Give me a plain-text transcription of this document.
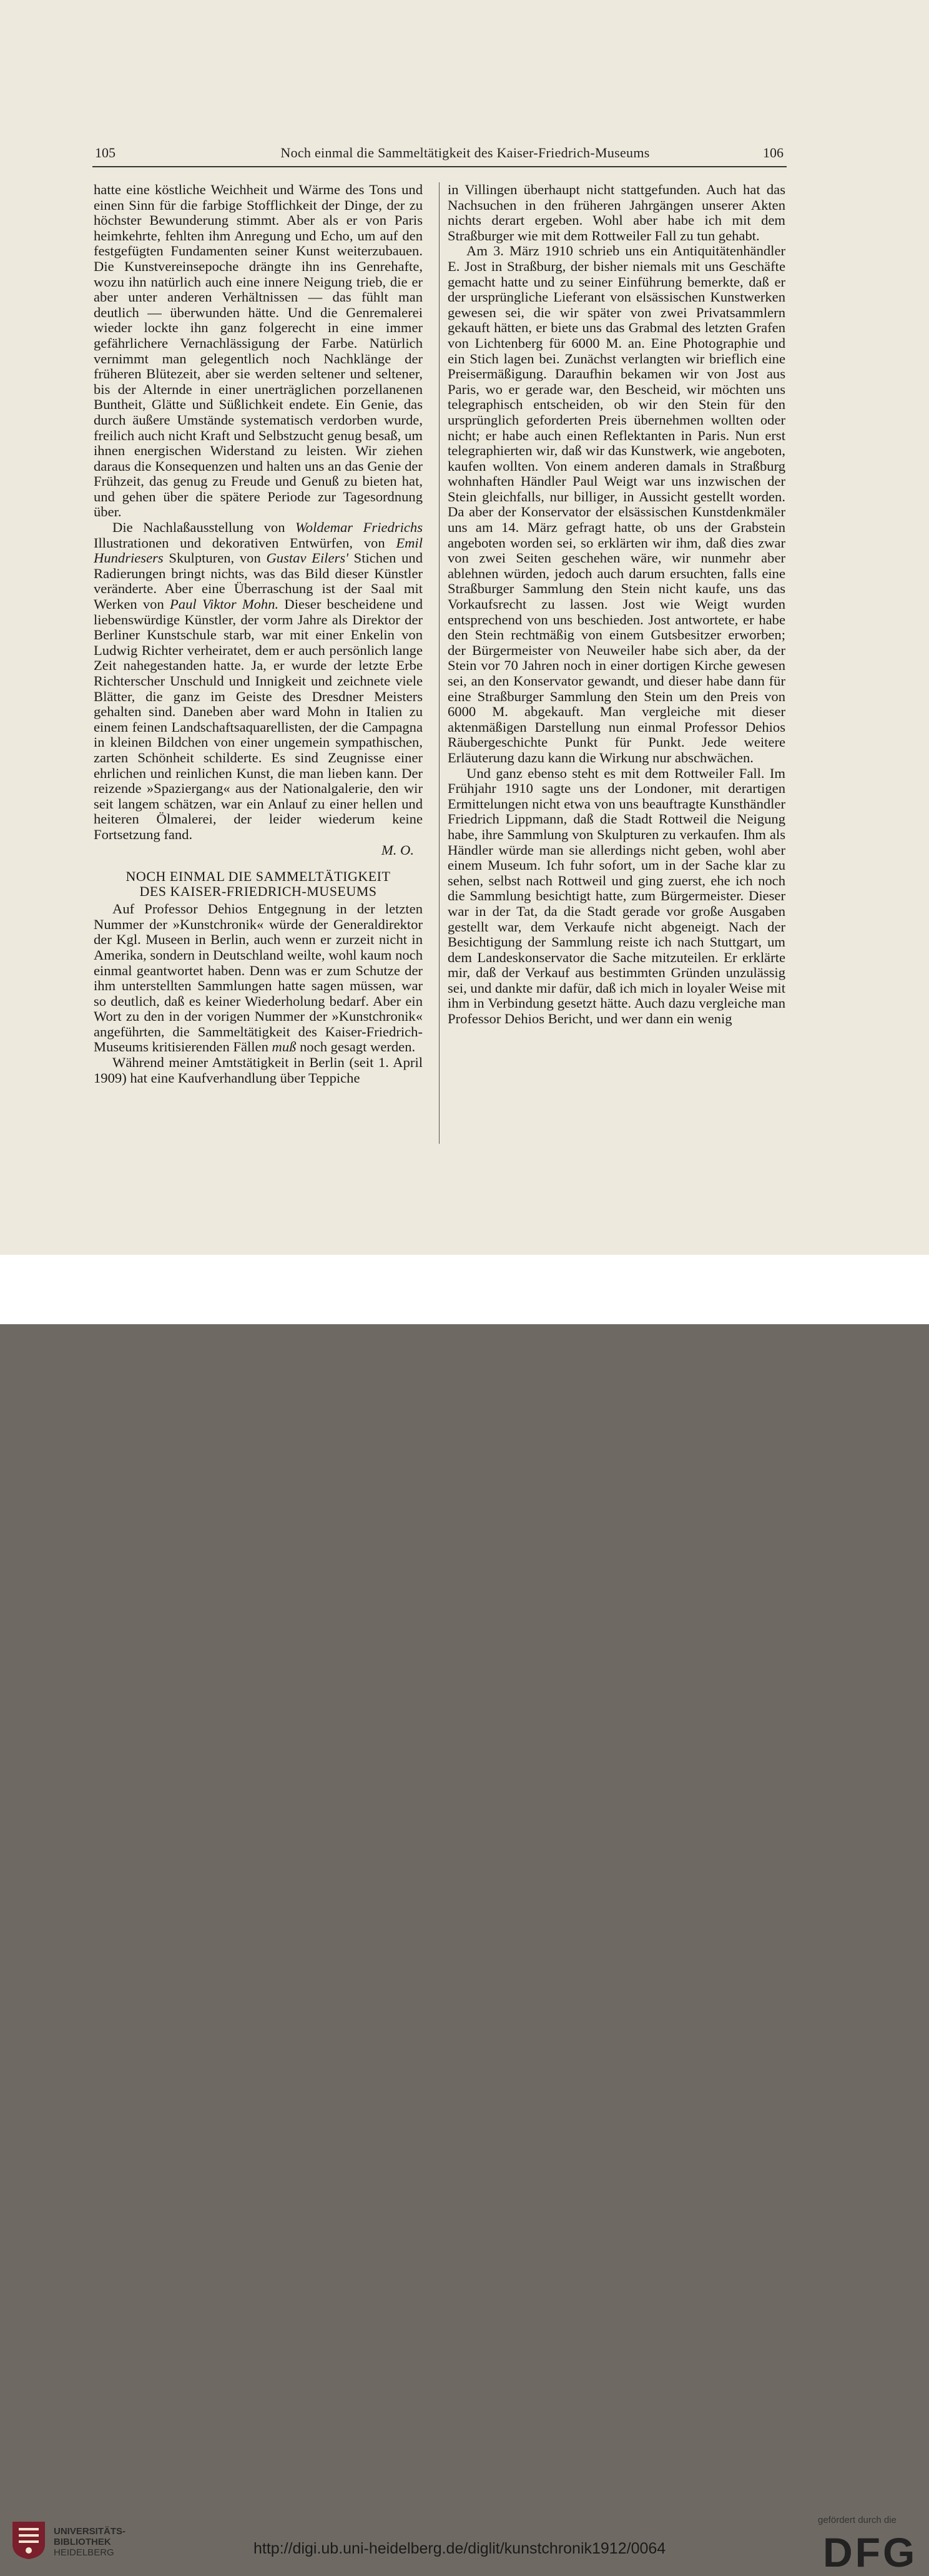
105	Noch einmal die Sammeltätigkeit des Kaiser-Friedrich-Museums	106

hatte eine köstliche Weichheit und Wärme des Tons und einen Sinn für die farbige Stofflichkeit der Dinge, der zu höchster Bewunderung stimmt. Aber als er von Paris heimkehrte, fehlten ihm Anregung und Echo, um auf den festgefügten Fundamenten seiner Kunst weiterzubauen. Die Kunstvereinsepoche drängte ihn ins Genrehafte, wozu ihn natürlich auch eine innere Neigung trieb, die er aber unter anderen Verhältnissen — das fühlt man deutlich — überwunden hätte. Und die Genremalerei wieder lockte ihn ganz folgerecht in eine immer gefährlichere Vernachlässigung der Farbe. Natürlich vernimmt man gelegentlich noch Nachklänge der früheren Blütezeit, aber sie werden seltener und seltener, bis der Alternde in einer unerträglichen porzellanenen Buntheit, Glätte und Süßlichkeit endete. Ein Genie, das durch äußere Umstände systematisch verdorben wurde, freilich auch nicht Kraft und Selbstzucht genug besaß, um ihnen energischen Widerstand zu leisten. Wir ziehen daraus die Konsequenzen und halten uns an das Genie der Frühzeit, das genug zu Freude und Genuß zu bieten hat, und gehen über die spätere Periode zur Tagesordnung über.

Die Nachlaßausstellung von Woldemar Friedrichs Illustrationen und dekorativen Entwürfen, von Emil Hundriesers Skulpturen, von Gustav Eilers' Stichen und Radierungen bringt nichts, was das Bild dieser Künstler veränderte. Aber eine Überraschung ist der Saal mit Werken von Paul Viktor Mohn. Dieser bescheidene und liebenswürdige Künstler, der vorm Jahre als Direktor der Berliner Kunstschule starb, war mit einer Enkelin von Ludwig Richter verheiratet, dem er auch persönlich lange Zeit nahegestanden hatte. Ja, er wurde der letzte Erbe Richterscher Unschuld und Innigkeit und zeichnete viele Blätter, die ganz im Geiste des Dresdner Meisters gehalten sind. Daneben aber ward Mohn in Italien zu einem feinen Landschaftsaquarellisten, der die Campagna in kleinen Bildchen von einer ungemein sympathischen, zarten Schönheit schilderte. Es sind Zeugnisse einer ehrlichen und reinlichen Kunst, die man lieben kann. Der reizende »Spaziergang« aus der Nationalgalerie, den wir seit langem schätzen, war ein Anlauf zu einer hellen und heiteren Ölmalerei, der leider wiederum keine Fortsetzung fand.

M. O.

NOCH EINMAL DIE SAMMELTÄTIGKEIT
DES KAISER-FRIEDRICH-MUSEUMS

Auf Professor Dehios Entgegnung in der letzten Nummer der »Kunstchronik« würde der Generaldirektor der Kgl. Museen in Berlin, auch wenn er zurzeit nicht in Amerika, sondern in Deutschland weilte, wohl kaum noch einmal geantwortet haben. Denn was er zum Schutze der ihm unterstellten Sammlungen hatte sagen müssen, war so deutlich, daß es keiner Wiederholung bedarf. Aber ein Wort zu den in der vorigen Nummer der »Kunstchronik« angeführten, die Sammeltätigkeit des Kaiser-Friedrich-Museums kritisierenden Fällen muß noch gesagt werden.

Während meiner Amtstätigkeit in Berlin (seit 1. April 1909) hat eine Kaufverhandlung über Teppiche

in Villingen überhaupt nicht stattgefunden. Auch hat das Nachsuchen in den früheren Jahrgängen unserer Akten nichts derart ergeben. Wohl aber habe ich mit dem Straßburger wie mit dem Rottweiler Fall zu tun gehabt.

Am 3. März 1910 schrieb uns ein Antiquitätenhändler E. Jost in Straßburg, der bisher niemals mit uns Geschäfte gemacht hatte und zu seiner Einführung bemerkte, daß er der ursprüngliche Lieferant von elsässischen Kunstwerken gewesen sei, die wir später von zwei Privatsammlern gekauft hätten, er biete uns das Grabmal des letzten Grafen von Lichtenberg für 6000 M. an. Eine Photographie und ein Stich lagen bei. Zunächst verlangten wir brieflich eine Preisermäßigung. Daraufhin bekamen wir von Jost aus Paris, wo er gerade war, den Bescheid, wir möchten uns telegraphisch entscheiden, ob wir den Stein für den ursprünglich geforderten Preis übernehmen wollten oder nicht; er habe auch einen Reflektanten in Paris. Nun erst telegraphierten wir, daß wir das Kunstwerk, wie angeboten, kaufen wollten. Von einem anderen damals in Straßburg wohnhaften Händler Paul Weigt war uns inzwischen der Stein gleichfalls, nur billiger, in Aussicht gestellt worden. Da aber der Konservator der elsässischen Kunstdenkmäler uns am 14. März gefragt hatte, ob uns der Grabstein angeboten worden sei, so erklärten wir ihm, daß dies zwar von zwei Seiten geschehen wäre, wir nunmehr aber ablehnen würden, jedoch auch darum ersuchten, falls eine Straßburger Sammlung den Stein nicht kaufe, uns das Vorkaufsrecht zu lassen. Jost wie Weigt wurden entsprechend von uns beschieden. Jost antwortete, er habe den Stein rechtmäßig von einem Gutsbesitzer erworben; der Bürgermeister von Neuweiler habe sich aber, da der Stein vor 70 Jahren noch in einer dortigen Kirche gewesen sei, an den Konservator gewandt, und dieser habe dann für eine Straßburger Sammlung den Stein um den Preis von 6000 M. abgekauft. Man vergleiche mit dieser aktenmäßigen Darstellung nun einmal Professor Dehios Räubergeschichte Punkt für Punkt. Jede weitere Erläuterung dazu kann die Wirkung nur abschwächen.

Und ganz ebenso steht es mit dem Rottweiler Fall. Im Frühjahr 1910 sagte uns der Londoner, mit derartigen Ermittelungen nicht etwa von uns beauftragte Kunsthändler Friedrich Lippmann, daß die Stadt Rottweil die Neigung habe, ihre Sammlung von Skulpturen zu verkaufen. Ihm als Händler würde man sie allerdings nicht geben, wohl aber einem Museum. Ich fuhr sofort, um in der Sache klar zu sehen, selbst nach Rottweil und ging zuerst, ehe ich noch die Sammlung besichtigt hatte, zum Bürgermeister. Dieser war in der Tat, da die Stadt gerade vor große Ausgaben gestellt war, dem Verkaufe nicht abgeneigt. Nach der Besichtigung der Sammlung reiste ich nach Stuttgart, um dem Landeskonservator die Sache mitzuteilen. Er erklärte mir, daß der Verkauf aus bestimmten Gründen unzulässig sei, und dankte mir dafür, daß ich mich in loyaler Weise mit ihm in Verbindung gesetzt hätte. Auch dazu vergleiche man Professor Dehios Bericht, und wer dann ein wenig

UNIVERSITÄTS-
BIBLIOTHEK
HEIDELBERG	http://digi.ub.uni-heidelberg.de/diglit/kunstchronik1912/0064
gefördert durch die
DFG
